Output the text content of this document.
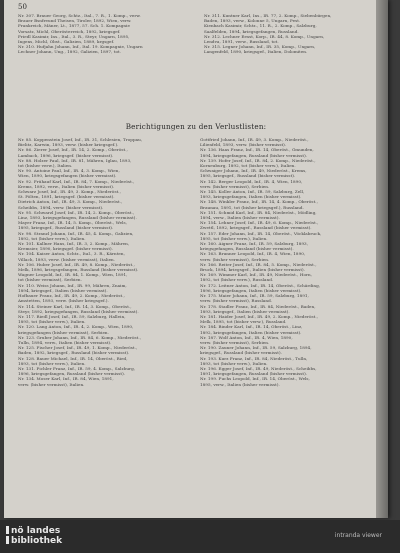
50
Nr. 307. Brauer Georg, Schtz., Ital., 7. R., 1. Komp., verw.
Brauer Bsnfreund Theisen, Tiroler, 1892, Wien, verw.
Frankreich, Mäner, Lt., 1877, 57. Sch. 1. Kompagnie
Vorsatz, Michl, Oberösterreich, 1892, kriegsgef.
Friedl Kasimir, Ins., Ital., 3. R., Steyr, Ungarn, 1895,
Ingens, Michl, Obst., Galizien, 1889, krgsgef.
Nr. 310. Hufjahn Johann, Inf., Ital. 19. Kompagnie, Ungarn
Lechner Johann, Ung., 1892, Galizien, 1897, tot.
Nr. 311. Kuntner Karl, Ins., IR. 77, 2. Komp., Siebenbürgen,
Baden, 1893, verw., Kolonne 5, Ungarn, Pest.
Kienbach Kasimir, Schtz., 11. R., 2. Komp., Salzburg,
Saalfelden, 1894, kriegsgefangen, Russland.
Nr. 312. Lechner Ernst, Korp., IR. 44, 8. Komp., Ungarn,
Lendva, 1891, verw., Russland, tot.
Nr. 315. Legner Johann, Inf., IR. 35, Komp., Ungarn,
Langenfeld, 1890, kriegsgef., Italien, Dolomiten.
Berichtigungen zu den Verlustlisten:
Nr. 85. Koppenstein Josef, Inf., IR. 31, Schlesien, Troppau,
Bielitz, Karwin, 1893, verw. (bisher kriegsgef.).
Nr. 86. Zierer Josef, Inf., IR. 14, 2. Komp., Oberöst.,
Lambach, 1896, kriegsgef. (bisher vermisst).
Nr. 88. Holzer Paul, Inf., IR. 81, Mähren, Iglau, 1893,
tot (bisher verw.), Italien.
Nr. 90. Antoine Paul, Inf., IR. 4, 3. Komp., Wien,
Wien, 1890, kriegsgefangen (bisher vermisst).
Nr. 92. Frühauf Karl, Inf., IR. 84, 7. Komp., Niederöst.,
Krems, 1892, verw., Italien (bisher vermisst).
Schwarz Josef, Inf., IR. 49, 3. Komp., Niederöst.,
St. Pölten, 1891, kriegsgef. (bisher vermisst).
Dietrich Anton, Inf., IR. 49, 3. Komp., Niederöst.,
Scheibbs, 1894, verw. (bisher vermisst).
Nr. 95. Schwarzl Josef, Inf., IR. 14, 2. Komp., Oberöst.,
Linz, 1893, kriegsgefangen, Russland (bisher vermisst).
Mayer Franz, Inf., IR. 14, 5. Komp., Oberöst., Wels,
1895, kriegsgef., Russland (bisher vermisst).
Nr. 98. Stranzl Johann, Inf., IR. 45, 4. Komp., Galizien,
1892, tot (bisher verw.), Italien.
Nr. 101. Kallner Hans, Inf., IR. 3, 2. Komp., Mähren,
Kremsier, 1890, kriegsgef. (bisher vermisst).
Nr. 104. Kaiser Anton, Schtz., Ital., 3. R., Kärnten,
Villach, 1893, verw. (bisher vermisst), Italien.
Nr. 106. Huber Josef, Inf., IR. 49, 8. Komp., Niederöst.,
Melk, 1896, kriegsgefangen, Russland (bisher vermisst).
Wagner Leopold, Inf., IR. 84, 1. Komp., Wien, 1891,
tot (bisher vermisst), Serbien.
Nr. 110. Weiss Johann, Inf., IR. 99, Mähren, Znaim,
1894, kriegsgef., Italien (bisher vermisst).
Hofbauer Franz, Inf., IR. 49, 2. Komp., Niederöst.,
Amstetten, 1893, verw. (bisher kriegsgef.).
Nr. 114. Steiner Karl, Inf., IR. 14, 3. Komp., Oberöst.,
Steyr, 1892, kriegsgefangen, Russland (bisher vermisst).
Nr. 117. Riedl Josef, Inf., IR. 59, Salzburg, Hallein,
1895, tot (bisher verw.), Italien.
Nr. 120. Lang Anton, Inf., IR. 4, 2. Komp., Wien, 1890,
kriegsgefangen (bisher vermisst), Serbien.
Nr. 123. Gruber Johann, Inf., IR. 84, 6. Komp., Niederöst.,
Tulln, 1894, verw., Italien (bisher vermisst).
Nr. 125. Fischer Josef, Inf., IR. 49, 1. Komp., Niederöst.,
Baden, 1892, kriegsgef., Russland (bisher vermisst).
Nr. 128. Bauer Michael, Inf., IR. 14, Oberöst., Ried,
1893, tot (bisher verw.), Italien.
Nr. 131. Pichler Franz, Inf., IR. 59, 4. Komp., Salzburg,
1896, kriegsgefangen, Russland (bisher vermisst).
Nr. 134. Moser Karl, Inf., IR. 84, Wien, 1891,
verw. (bisher vermisst), Italien.
Gottfried Johann, Inf., IR. 49, 3. Komp., Niederöst.,
Lilienfeld, 1893, verw. (bisher vermisst).
Nr. 136. Haas Franz, Inf., IR. 14, Oberöst., Gmunden,
1894, kriegsgefangen, Russland (bisher vermisst).
Nr. 139. Hofer Josef, Inf., IR. 84, 2. Komp., Niederöst.,
Korneuburg, 1892, tot (bisher verw.), Italien.
Schwaiger Johann, Inf., IR. 49, Niederöst., Krems,
1895, kriegsgef., Russland (bisher vermisst).
Nr. 142. Berger Leopold, Inf., IR. 4, Wien, 1890,
verw. (bisher vermisst), Serbien.
Nr. 145. Koller Anton, Inf., IR. 59, Salzburg, Zell,
1893, kriegsgefangen, Italien (bisher vermisst).
Nr. 148. Winkler Franz, Inf., IR. 14, 4. Komp., Oberöst.,
Braunau, 1891, tot (bisher kriegsgef.), Russland.
Nr. 151. Schmid Karl, Inf., IR. 84, Niederöst., Mödling,
1894, verw., Italien (bisher vermisst).
Nr. 154. Lehner Josef, Inf., IR. 49, 6. Komp., Niederöst.,
Zwettl, 1892, kriegsgef., Russland (bisher vermisst).
Nr. 157. Eder Johann, Inf., IR. 14, Oberöst., Vöcklabruck,
1895, tot (bisher verw.), Italien.
Nr. 160. Aigner Franz, Inf., IR. 59, Salzburg, 1893,
kriegsgefangen, Russland (bisher vermisst).
Nr. 163. Brunner Leopold, Inf., IR. 4, Wien, 1890,
verw. (bisher vermisst), Serbien.
Nr. 166. Reiter Josef, Inf., IR. 84, 5. Komp., Niederöst.,
Bruck, 1894, kriegsgef., Italien (bisher vermisst).
Nr. 169. Wimmer Karl, Inf., IR. 49, Niederöst., Horn,
1892, tot (bisher verw.), Russland.
Nr. 172. Leitner Anton, Inf., IR. 14, Oberöst., Schärding,
1896, kriegsgefangen, Italien (bisher vermisst).
Nr. 175. Maier Johann, Inf., IR. 59, Salzburg, 1891,
verw. (bisher vermisst), Russland.
Nr. 178. Stadler Franz, Inf., IR. 84, Niederöst., Baden,
1893, kriegsgef., Italien (bisher vermisst).
Nr. 181. Haider Josef, Inf., IR. 49, 2. Komp., Niederöst.,
Melk, 1895, tot (bisher verw.), Russland.
Nr. 184. Binder Karl, Inf., IR. 14, Oberöst., Linz,
1892, kriegsgefangen, Italien (bisher vermisst).
Nr. 187. Wolf Anton, Inf., IR. 4, Wien, 1890,
verw. (bisher vermisst), Serbien.
Nr. 190. Zauner Johann, Inf., IR. 59, Salzburg, 1894,
kriegsgef., Russland (bisher vermisst).
Nr. 193. Kurz Franz, Inf., IR. 84, Niederöst., Tulln,
1893, tot (bisher verw.), Italien.
Nr. 196. Egger Josef, Inf., IR. 49, Niederöst., Scheibbs,
1891, kriegsgefangen, Russland (bisher vermisst).
Nr. 199. Fuchs Leopold, Inf., IR. 14, Oberöst., Wels,
1895, verw., Italien (bisher vermisst).
nö landes
bibliothek
intranda viewer
